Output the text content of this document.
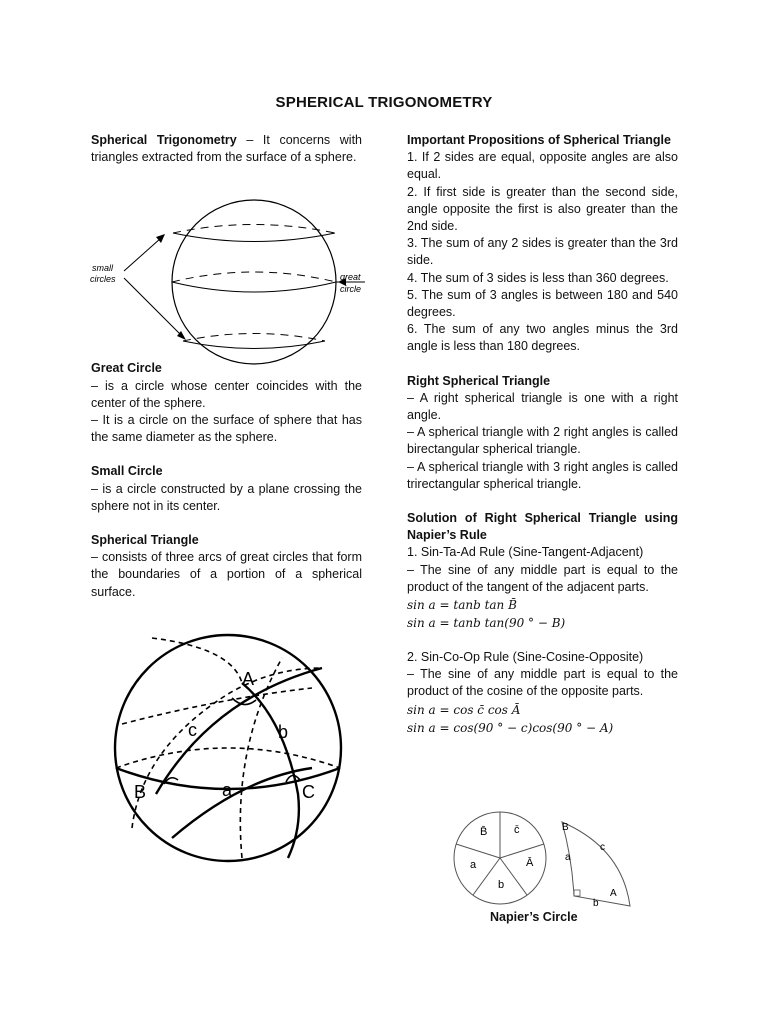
SPHERICAL TRIGONOMETRY

Spherical Trigonometry – It concerns with triangles extracted from the surface of a sphere.

Great Circle

– is a circle whose center coincides with the center of the sphere.

– It is a circle on the surface of sphere that has the same diameter as the sphere.

Small Circle

– is a circle constructed by a plane crossing the sphere not in its center.

Spherical Triangle

– consists of three arcs of great circles that form the boundaries of a portion of a spherical surface.

small
circles	great
circle
A
B	C
a
b
c

Important Propositions of Spherical Triangle

1. If 2 sides are equal, opposite angles are also equal.

2. If first side is greater than the second side, angle opposite the first is also greater than the 2nd side.

3. The sum of any 2 sides is greater than the 3rd side.

4. The sum of 3 sides is less than 360 degrees.

5. The sum of 3 angles is between 180 and 540 degrees.

6. The sum of any two angles minus the 3rd angle is less than 180 degrees.

Right Spherical Triangle

– A right spherical triangle is one with a right angle.

– A spherical triangle with 2 right angles is called birectangular spherical triangle.

– A spherical triangle with 3 right angles is called trirectangular spherical triangle.

Solution of Right Spherical Triangle using Napier’s Rule

1. Sin-Ta-Ad Rule (Sine-Tangent-Adjacent)

– The sine of any middle part is equal to the product of the tangent of the adjacent parts.

sin a = tanb tan B̄

sin a = tanb tan(90 ° − B)

2. Sin-Co-Op Rule (Sine-Cosine-Opposite)

– The sine of any middle part is equal to the product of the cosine of the opposite parts.

sin a = cos c̄ cos Ā

sin a = cos(90 ° − c)cos(90 ° − A)

B̄ c̄
Ā
b
a
B
c
a
A
b
Napier’s Circle
